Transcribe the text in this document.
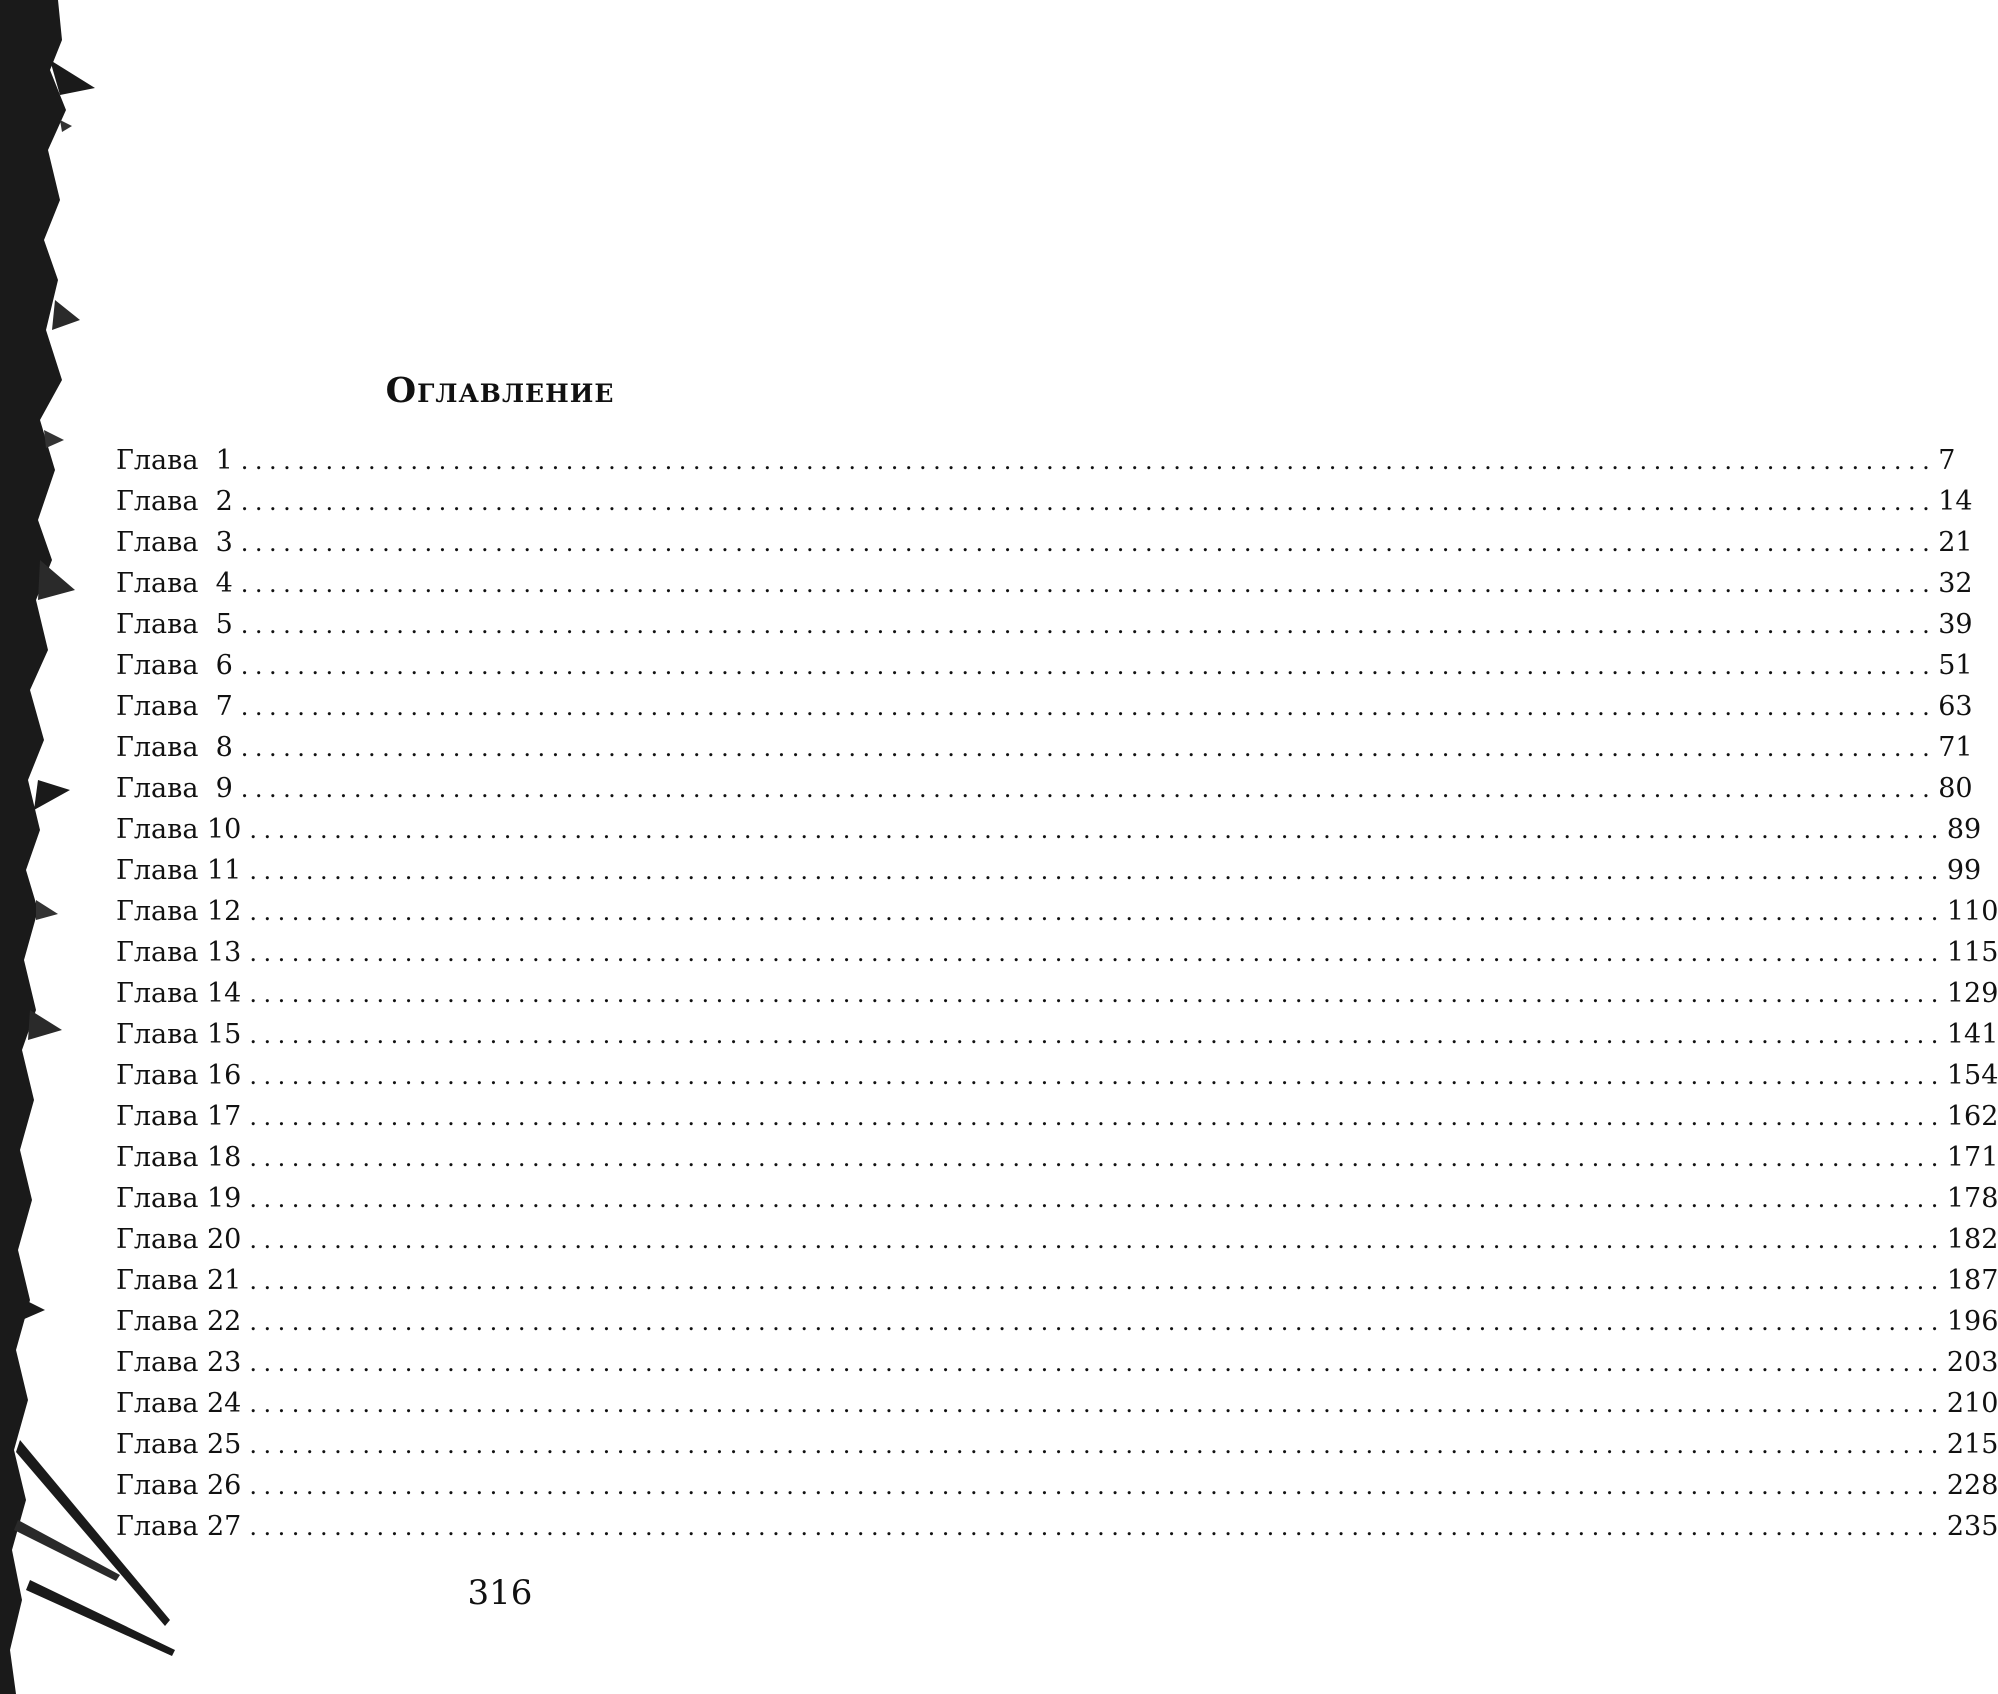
Оглавление
Глава  1 ........................................................................................................................ 7
Глава  2 ........................................................................................................................ 14
Глава  3 ........................................................................................................................ 21
Глава  4 ........................................................................................................................ 32
Глава  5 ........................................................................................................................ 39
Глава  6 ........................................................................................................................ 51
Глава  7 ........................................................................................................................ 63
Глава  8 ........................................................................................................................ 71
Глава  9 ........................................................................................................................ 80
Глава 10 ........................................................................................................................ 89
Глава 11 ........................................................................................................................ 99
Глава 12 ........................................................................................................................ 110
Глава 13 ........................................................................................................................ 115
Глава 14 ........................................................................................................................ 129
Глава 15 ........................................................................................................................ 141
Глава 16 ........................................................................................................................ 154
Глава 17 ........................................................................................................................ 162
Глава 18 ........................................................................................................................ 171
Глава 19 ........................................................................................................................ 178
Глава 20 ........................................................................................................................ 182
Глава 21 ........................................................................................................................ 187
Глава 22 ........................................................................................................................ 196
Глава 23 ........................................................................................................................ 203
Глава 24 ........................................................................................................................ 210
Глава 25 ........................................................................................................................ 215
Глава 26 ........................................................................................................................ 228
Глава 27 ........................................................................................................................ 235
316
